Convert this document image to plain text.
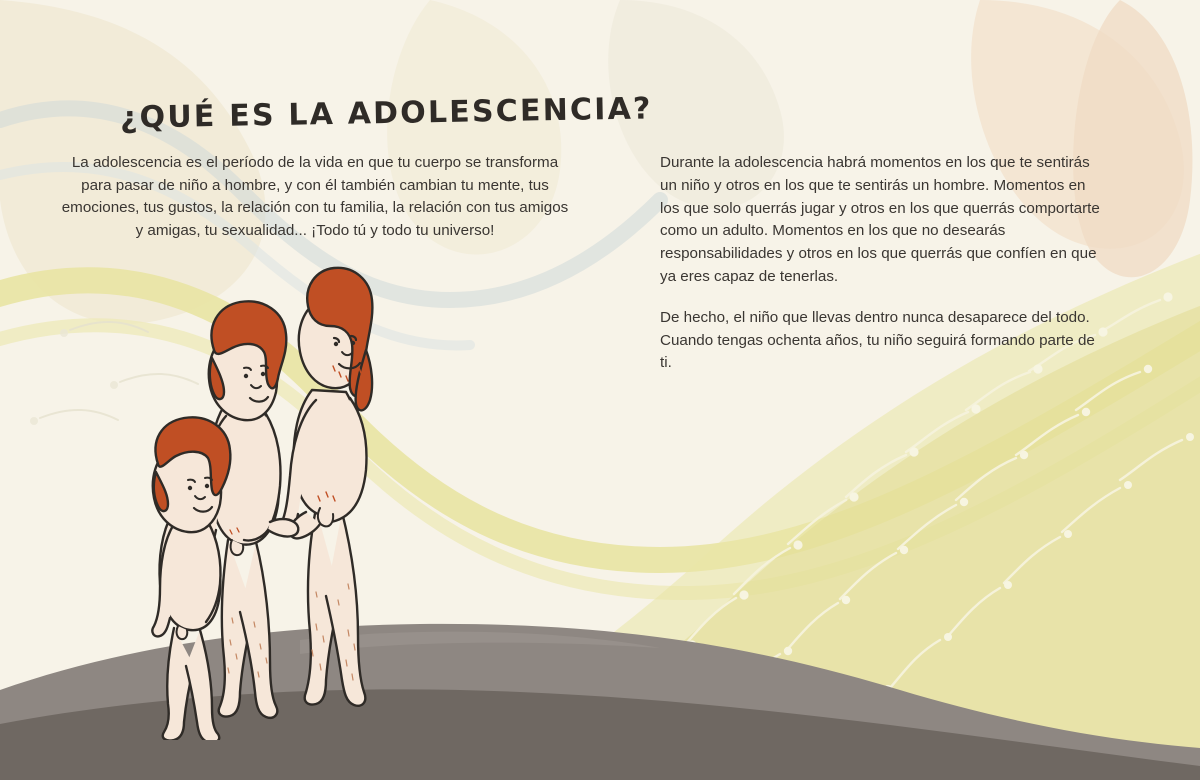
¿QUÉ ES LA ADOLESCENCIA?

La adolescencia es el período de la vida en que tu cuerpo se transforma para pasar de niño a hombre, y con él también cambian tu mente, tus emociones, tus gustos, la relación con tu familia, la relación con tus amigos y amigas, tu sexualidad... ¡Todo tú y todo tu universo!

Durante la adolescencia habrá momentos en los que te sentirás un niño y otros en los que te sentirás un hombre. Momentos en los que solo querrás jugar y otros en los que querrás comportarte como un adulto. Momentos en los que no desearás responsabilidades y otros en los que querrás que confíen en que ya eres capaz de tenerlas.

De hecho, el niño que llevas dentro nunca desaparece del todo. Cuando tengas ochenta años, tu niño seguirá formando parte de ti.
